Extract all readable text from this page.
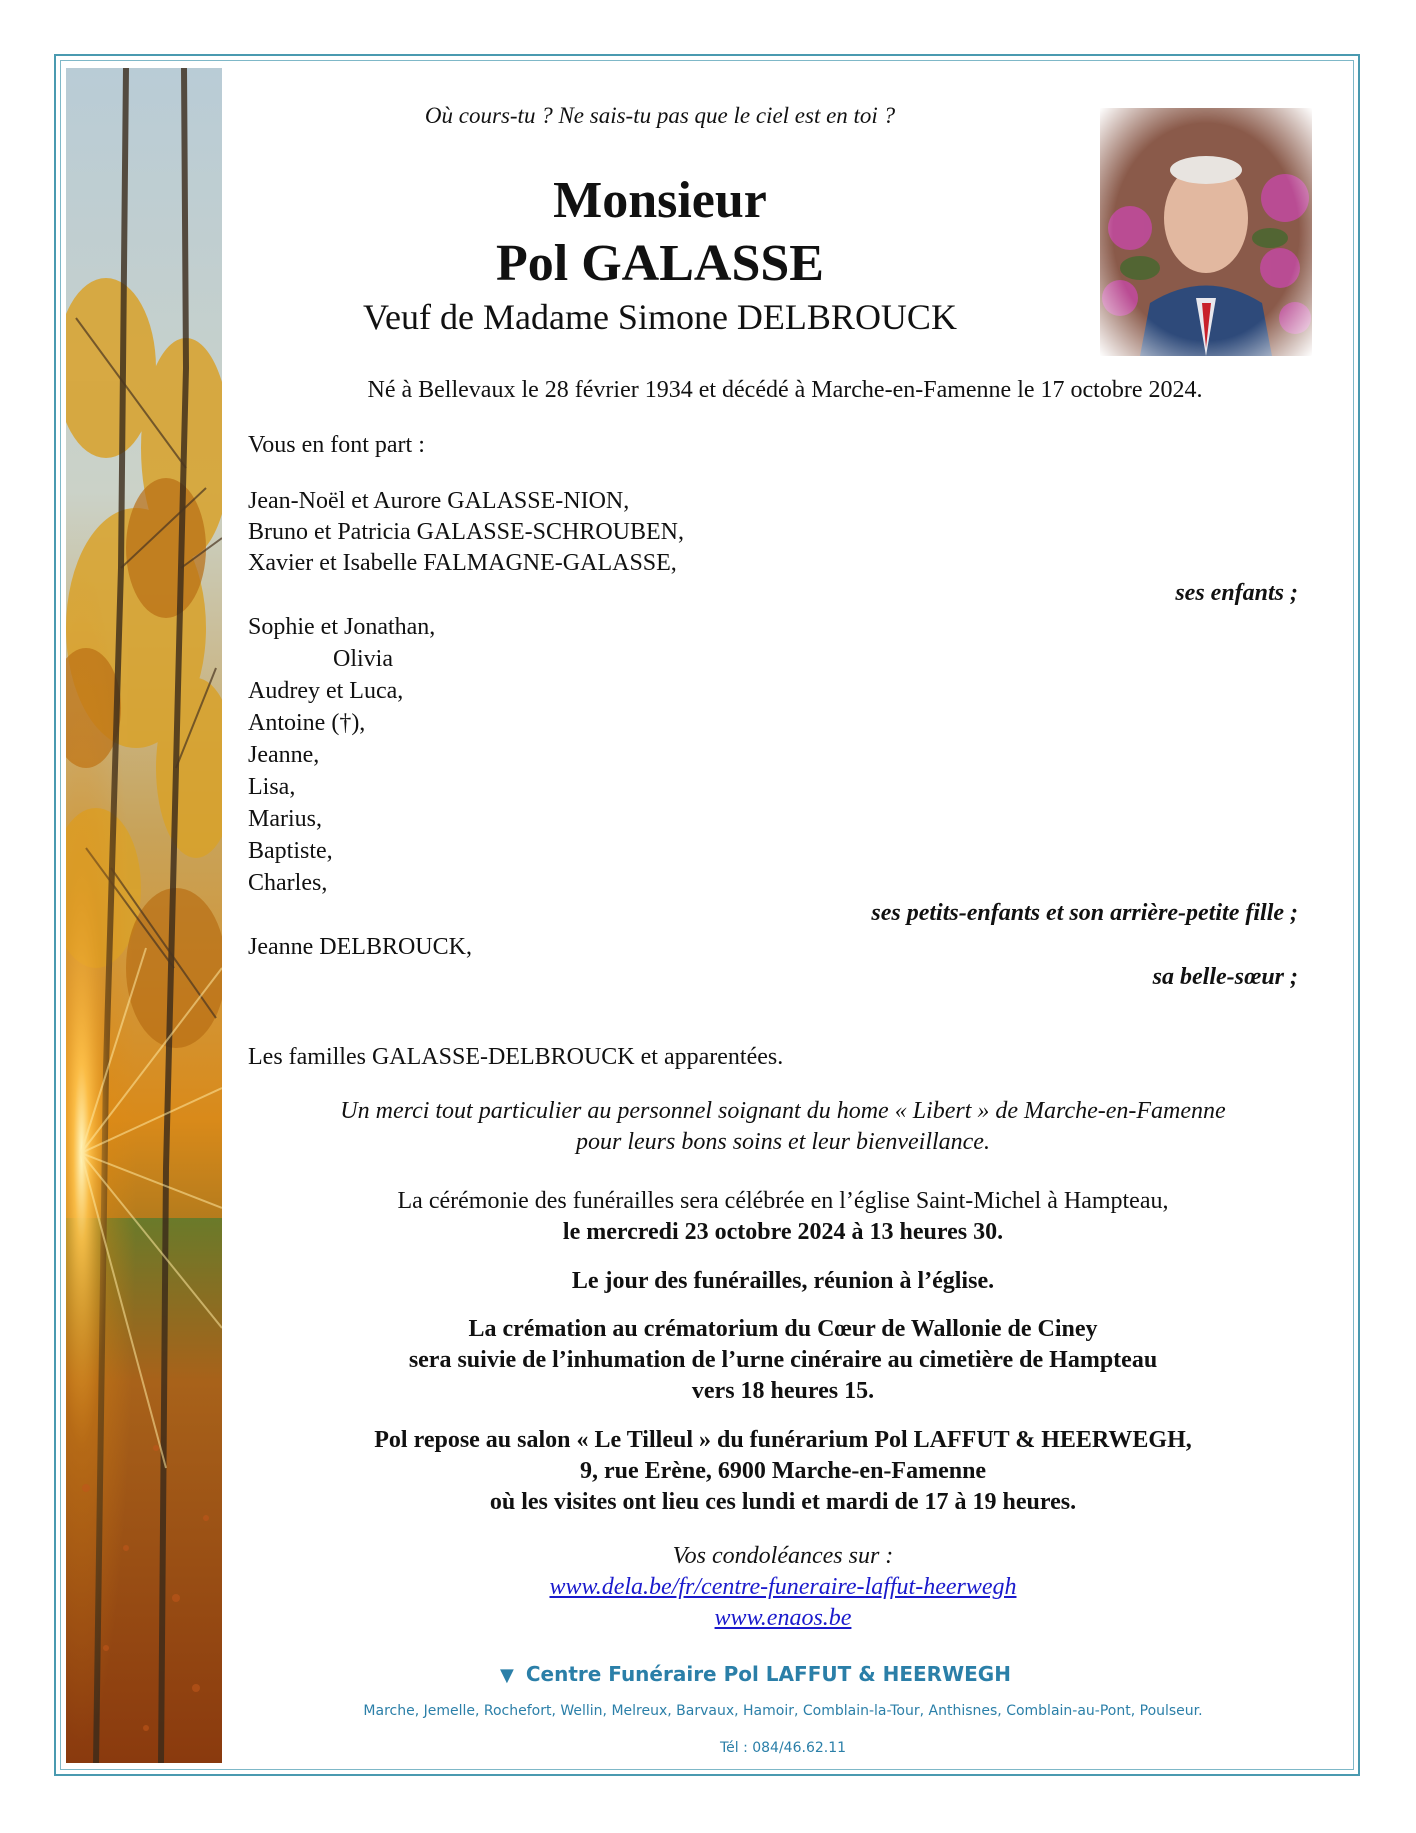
Où cours-tu ? Ne sais-tu pas que le ciel est en toi ?
Monsieur
Pol GALASSE
Veuf de Madame Simone DELBROUCK
Né à Bellevaux le 28 février 1934 et décédé à Marche-en-Famenne le 17 octobre 2024.
Vous en font part :
Jean-Noël et Aurore GALASSE-NION,
Bruno et Patricia GALASSE-SCHROUBEN,
Xavier et Isabelle FALMAGNE-GALASSE,
ses enfants ;
Sophie et Jonathan,
Olivia
Audrey et Luca,
Antoine (†),
Jeanne,
Lisa,
Marius,
Baptiste,
Charles,
ses petits-enfants et son arrière-petite fille ;
Jeanne DELBROUCK,
sa belle-sœur ;
Les familles GALASSE-DELBROUCK et apparentées.
Un merci tout particulier au personnel soignant du home « Libert » de Marche-en-Famenne
pour leurs bons soins et leur bienveillance.
La cérémonie des funérailles sera célébrée en l’église Saint-Michel à Hampteau,
le mercredi 23 octobre 2024 à 13 heures 30.
Le jour des funérailles, réunion à l’église.
La crémation au crématorium du Cœur de Wallonie de Ciney
sera suivie de l’inhumation de l’urne cinéraire au cimetière de Hampteau
vers 18 heures 15.
Pol repose au salon « Le Tilleul » du funérarium Pol LAFFUT & HEERWEGH,
9, rue Erène, 6900 Marche-en-Famenne
où les visites ont lieu ces lundi et mardi de 17 à 19 heures.
Vos condoléances sur :
www.dela.be/fr/centre-funeraire-laffut-heerwegh
www.enaos.be
▼ Centre Funéraire Pol LAFFUT & HEERWEGH
Marche, Jemelle, Rochefort, Wellin, Melreux, Barvaux, Hamoir, Comblain-la-Tour, Anthisnes, Comblain-au-Pont, Poulseur.
Tél : 084/46.62.11
